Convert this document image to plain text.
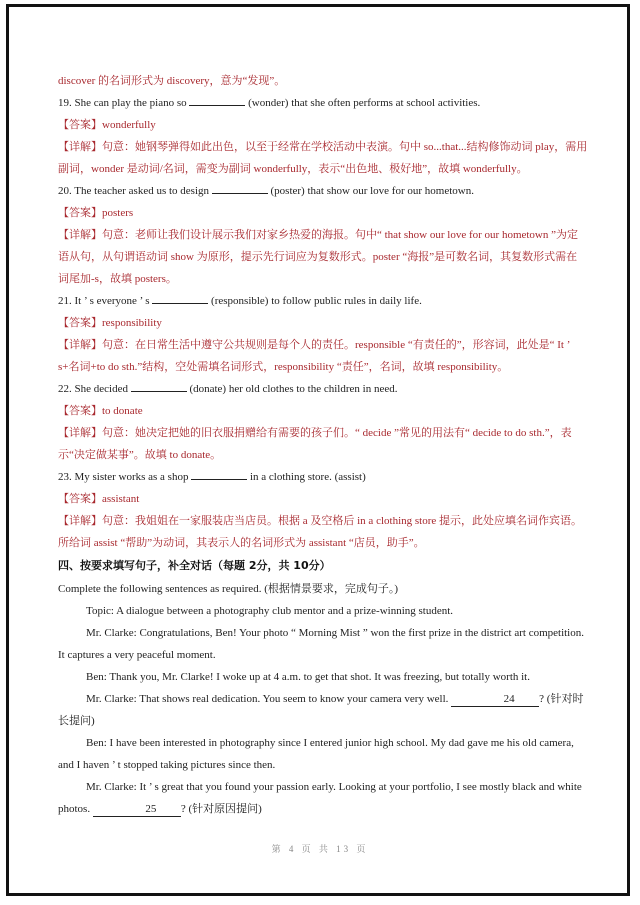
discover 的名词形式为 discovery，意为“发现”。
19. She can play the piano so	(wonder) that she often performs at school activities.
【答案】wonderfully
【详解】句意：她钢琴弹得如此出色，以至于经常在学校活动中表演。句中 so...that...结构修饰动词 play，需用副词，wonder 是动词/名词，需变为副词 wonderfully，表示“出色地、极好地”，故填 wonderfully。
20. The teacher asked us to design	(poster) that show our love for our hometown.
【答案】posters
【详解】句意：老师让我们设计展示我们对家乡热爱的海报。句中“ that show our love for our hometown ”为定语从句，从句谓语动词 show 为原形，提示先行词应为复数形式。poster “海报”是可数名词，其复数形式需在词尾加-s，故填 posters。
21. It ’ s everyone ’ s	(responsible) to follow public rules in daily life.
【答案】responsibility
【详解】句意：在日常生活中遵守公共规则是每个人的责任。responsible “有责任的”，形容词，此处是“ It ’ s+名词+to do sth.”结构，空处需填名词形式，responsibility “责任”，名词，故填 responsibility。
22. She decided	(donate) her old clothes to the children in need.
【答案】to donate
【详解】句意：她决定把她的旧衣服捐赠给有需要的孩子们。“ decide ”常见的用法有“ decide to do sth.”，表示“决定做某事”。故填 to donate。
23. My sister works as a shop	in a clothing store. (assist)
【答案】assistant
【详解】句意：我姐姐在一家服装店当店员。根据 a 及空格后 in a clothing store 提示，此处应填名词作宾语。所给词 assist “帮助”为动词，其表示人的名词形式为 assistant “店员，助手”。
四、按要求填写句子，补全对话（每题 2分，共 10分）
Complete the following sentences as required. (根据情景要求，完成句子。)
Topic: A dialogue between a photography club mentor and a prize-winning student.
Mr. Clarke: Congratulations, Ben! Your photo “ Morning Mist ” won the first prize in the district art competition. It captures a very peaceful moment.
Ben: Thank you, Mr. Clarke! I woke up at 4 a.m. to get that shot. It was freezing, but totally worth it.
Mr. Clarke: That shows real dedication. You seem to know your camera very well.	24 ? (针对时长提问)
Ben: I have been interested in photography since I entered junior high school. My dad gave me his old camera, and I haven ’ t stopped taking pictures since then.
Mr. Clarke: It ’ s great that you found your passion early. Looking at your portfolio, I see mostly black and white photos.	25 ? (针对原因提问)
第 4 页 共 13 页
